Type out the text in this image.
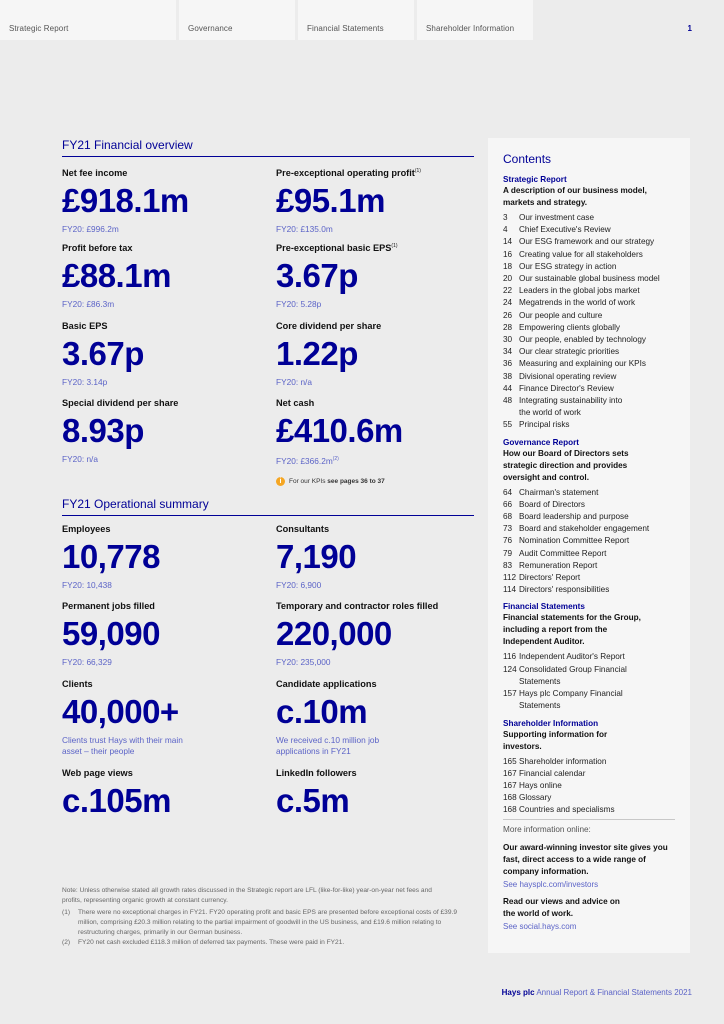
Strategic Report	Governance	Financial Statements	Shareholder Information	1
FY21 Financial overview
Net fee income
£918.1m
FY20: £996.2m
Pre-exceptional operating profit$^{(1)}$
£95.1m
FY20: £135.0m
Profit before tax
£88.1m
FY20: £86.3m
Pre-exceptional basic EPS$^{(1)}$
3.67p
FY20: 5.28p
Basic EPS
3.67p
FY20: 3.14p
Core dividend per share
1.22p
FY20: n/a
Special dividend per share
8.93p
FY20: n/a
Net cash
£410.6m
FY20: $£366.2m^{(2)}$
i For our KPIs see pages 36 to 37
FY21 Operational summary
Employees
10,778
FY20: 10,438
Consultants
7,190
FY20: 6,900
Permanent jobs filled
59,090
FY20: 66,329
Temporary and contractor roles filled
220,000
FY20: 235,000
Clients
40,000+
Clients trust Hays with their main asset – their people
Candidate applications
c.10m
We received c.10 million job applications in FY21
Web page views
c.105m
LinkedIn followers
c.5m
Note: Unless otherwise stated all growth rates discussed in the Strategic report are LFL (like-for-like) year-on-year net fees and profits, representing organic growth at constant currency.
(1)	There were no exceptional charges in FY21. FY20 operating profit and basic EPS are presented before exceptional costs of £39.9 million, comprising £20.3 million relating to the partial impairment of goodwill in the US business, and £19.6 million relating to restructuring charges, primarily in our German business.
(2)	FY20 net cash excluded £118.3 million of deferred tax payments. These were paid in FY21.
Contents
Strategic Report
A description of our business model, markets and strategy.
3	Our investment case
4	Chief Executive's Review
14 Our ESG framework and our strategy
16 Creating value for all stakeholders
18 Our ESG strategy in action
20 Our sustainable global business model
22 Leaders in the global jobs market
24 Megatrends in the world of work
26 Our people and culture
28 Empowering clients globally
30 Our people, enabled by technology
34 Our clear strategic priorities
36 Measuring and explaining our KPIs
38 Divisional operating review
44 Finance Director's Review
48 Integrating sustainability into the world of work
55 Principal risks
Governance Report
How our Board of Directors sets strategic direction and provides oversight and control.
64 Chairman's statement
66 Board of Directors
68 Board leadership and purpose
73 Board and stakeholder engagement
76 Nomination Committee Report
79 Audit Committee Report
83 Remuneration Report
112 Directors' Report
114 Directors' responsibilities
Financial Statements
Financial statements for the Group, including a report from the Independent Auditor.
116 Independent Auditor's Report
124 Consolidated Group Financial Statements
157 Hays plc Company Financial Statements
Shareholder Information
Supporting information for investors.
165 Shareholder information
167 Financial calendar
167 Hays online
168 Glossary
168 Countries and specialisms
More information online:
Our award-winning investor site gives you fast, direct access to a wide range of company information.
See haysplc.com/investors
Read our views and advice on the world of work.
See social.hays.com
Hays plc Annual Report & Financial Statements 2021
